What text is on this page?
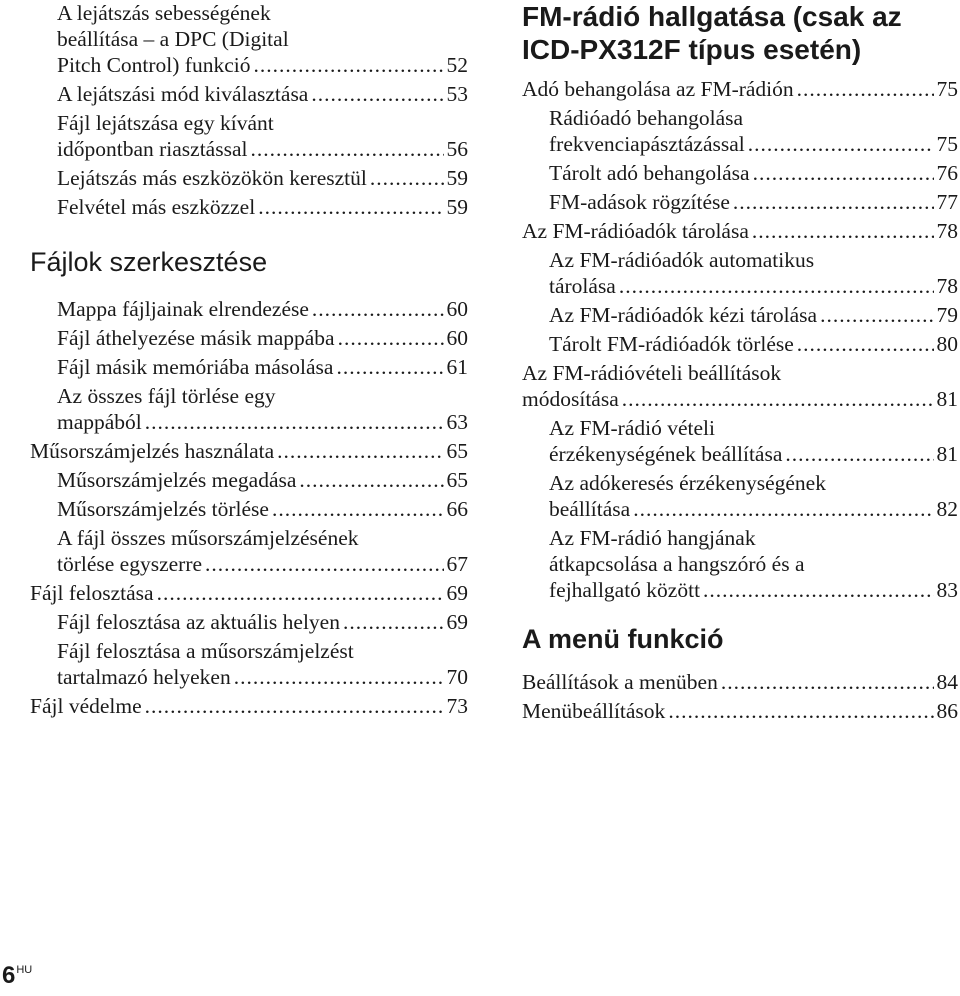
A lejátszás sebességének
beállítása – a DPC (Digital
Pitch Control) funkció .....	52
A lejátszási mód kiválasztása .....	53
Fájl lejátszása egy kívánt
időpontban riasztással .....	56
Lejátszás más eszközökön keresztül .....	59
Felvétel más eszközzel .....	59
Fájlok szerkesztése
Mappa fájljainak elrendezése .....	60
Fájl áthelyezése másik mappába .....	60
Fájl másik memóriába másolása .....	61
Az összes fájl törlése egy
mappából .....	63
Műsorszámjelzés használata .....	65
Műsorszámjelzés megadása .....	65
Műsorszámjelzés törlése .....	66
A fájl összes műsorszámjelzésének
törlése egyszerre .....	67
Fájl felosztása .....	69
Fájl felosztása az aktuális helyen .....	69
Fájl felosztása a műsorszámjelzést
tartalmazó helyeken .....	70
Fájl védelme .....	73
FM-rádió hallgatása (csak az
ICD-PX312F típus esetén)
Adó behangolása az FM-rádión .....	75
Rádióadó behangolása
frekvenciapásztázással .....	75
Tárolt adó behangolása .....	76
FM-adások rögzítése .....	77
Az FM-rádióadók tárolása .....	78
Az FM-rádióadók automatikus
tárolása .....	78
Az FM-rádióadók kézi tárolása .....	79
Tárolt FM-rádióadók törlése .....	80
Az FM-rádióvételi beállítások
módosítása .....	81
Az FM-rádió vételi
érzékenységének beállítása .....	81
Az adókeresés érzékenységének
beállítása .....	82
Az FM-rádió hangjának
átkapcsolása a hangszóró és a
fejhallgató között .....	83
A menü funkció
Beállítások a menüben .....	84
Menübeállítások .....	86
$6^{HU}$
